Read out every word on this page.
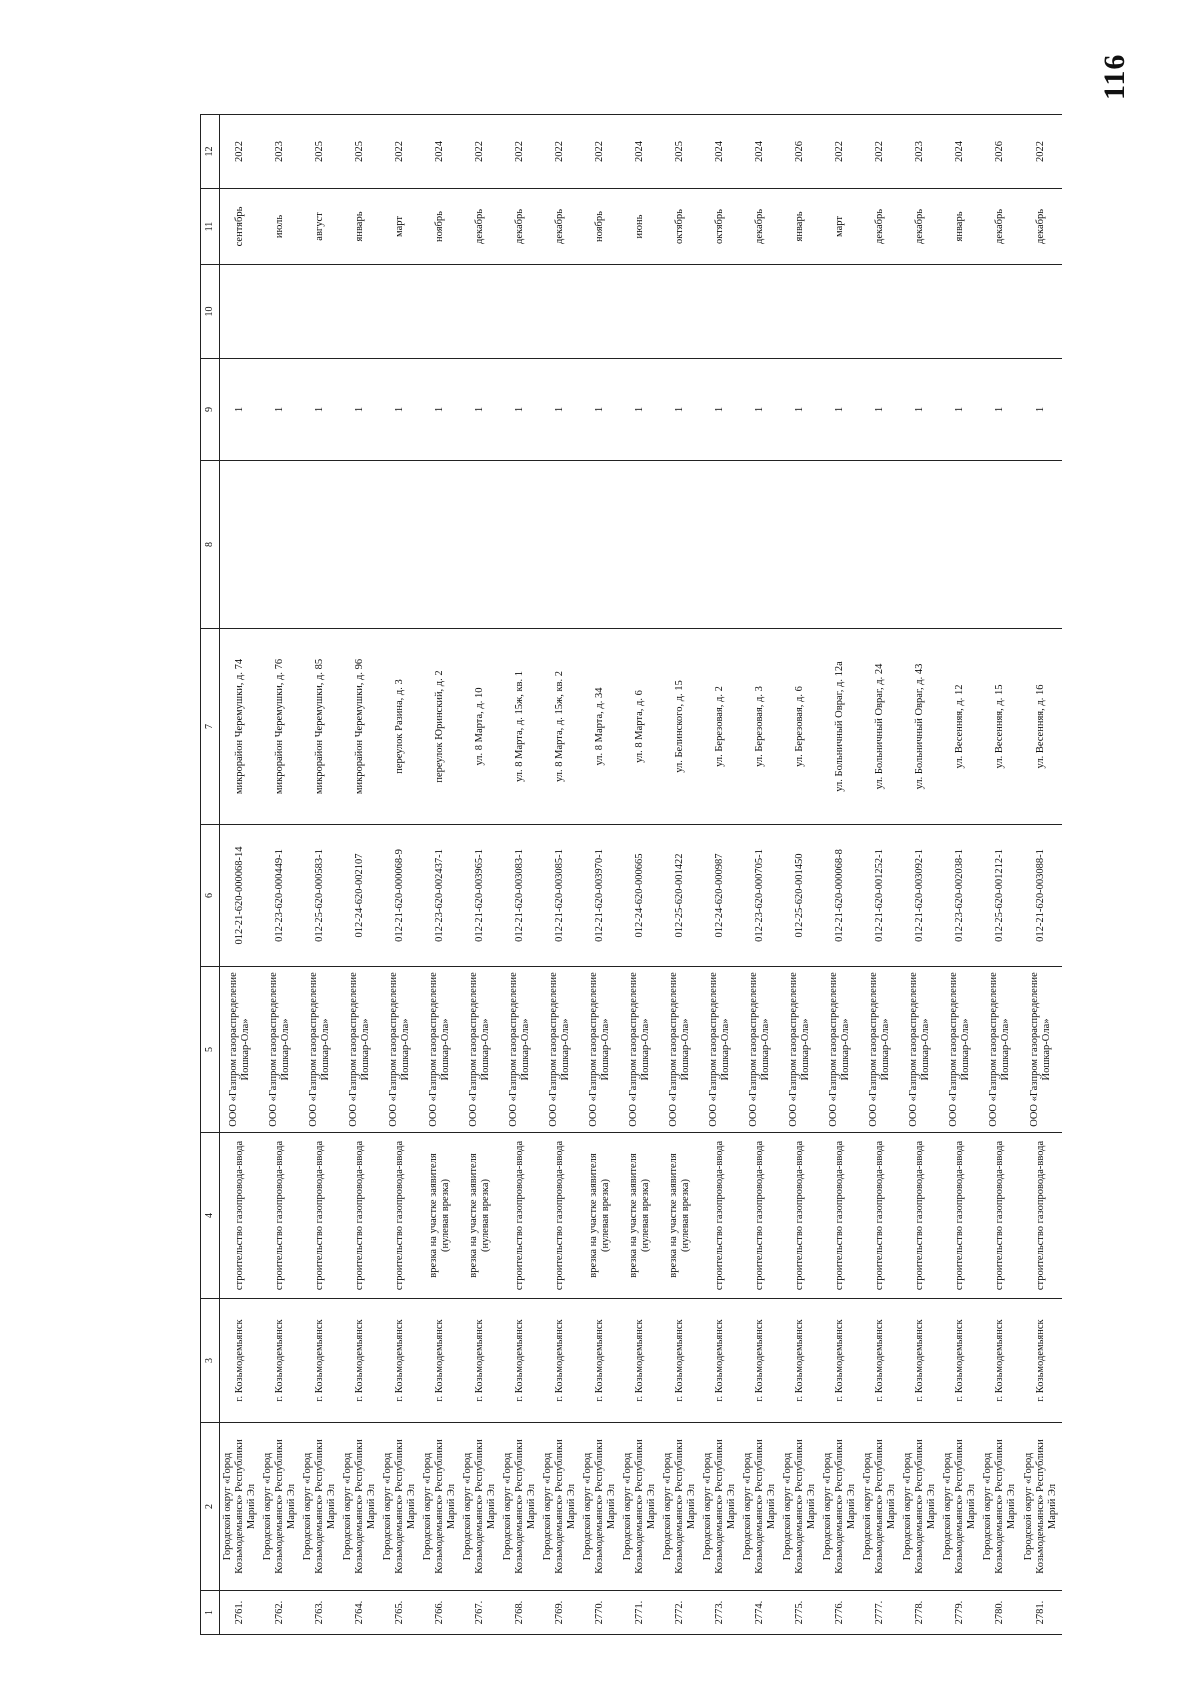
116
1	2	3	4	5	6	7	8	9	10	11	12
2761.	Городской округ «Город Козьмодемьянск» Республики Марий Эл	г. Козьмодемьянск	строительство газопровода-ввода	ООО «Газпром газораспределение Йошкар-Ола»	012-21-620-000068-14	микрорайон Черемушки, д. 74		1		сентябрь	2022
2762.	Городской округ «Город Козьмодемьянск» Республики Марий Эл	г. Козьмодемьянск	строительство газопровода-ввода	ООО «Газпром газораспределение Йошкар-Ола»	012-23-620-000449-1	микрорайон Черемушки, д. 76		1		июль	2023
2763.	Городской округ «Город Козьмодемьянск» Республики Марий Эл	г. Козьмодемьянск	строительство газопровода-ввода	ООО «Газпром газораспределение Йошкар-Ола»	012-25-620-000583-1	микрорайон Черемушки, д. 85		1		август	2025
2764.	Городской округ «Город Козьмодемьянск» Республики Марий Эл	г. Козьмодемьянск	строительство газопровода-ввода	ООО «Газпром газораспределение Йошкар-Ола»	012-24-620-002107	микрорайон Черемушки, д. 96		1		январь	2025
2765.	Городской округ «Город Козьмодемьянск» Республики Марий Эл	г. Козьмодемьянск	строительство газопровода-ввода	ООО «Газпром газораспределение Йошкар-Ола»	012-21-620-000068-9	переулок Разина, д. 3		1		март	2022
2766.	Городской округ «Город Козьмодемьянск» Республики Марий Эл	г. Козьмодемьянск	врезка на участке заявителя (нулевая врезка)	ООО «Газпром газораспределение Йошкар-Ола»	012-23-620-002437-1	переулок Юринский, д. 2		1		ноябрь	2024
2767.	Городской округ «Город Козьмодемьянск» Республики Марий Эл	г. Козьмодемьянск	врезка на участке заявителя (нулевая врезка)	ООО «Газпром газораспределение Йошкар-Ола»	012-21-620-003965-1	ул. 8 Марта, д. 10		1		декабрь	2022
2768.	Городской округ «Город Козьмодемьянск» Республики Марий Эл	г. Козьмодемьянск	строительство газопровода-ввода	ООО «Газпром газораспределение Йошкар-Ола»	012-21-620-003083-1	ул. 8 Марта, д. 15ж, кв. 1		1		декабрь	2022
2769.	Городской округ «Город Козьмодемьянск» Республики Марий Эл	г. Козьмодемьянск	строительство газопровода-ввода	ООО «Газпром газораспределение Йошкар-Ола»	012-21-620-003085-1	ул. 8 Марта, д. 15ж, кв. 2		1		декабрь	2022
2770.	Городской округ «Город Козьмодемьянск» Республики Марий Эл	г. Козьмодемьянск	врезка на участке заявителя (нулевая врезка)	ООО «Газпром газораспределение Йошкар-Ола»	012-21-620-003970-1	ул. 8 Марта, д. 34		1		ноябрь	2022
2771.	Городской округ «Город Козьмодемьянск» Республики Марий Эл	г. Козьмодемьянск	врезка на участке заявителя (нулевая врезка)	ООО «Газпром газораспределение Йошкар-Ола»	012-24-620-000665	ул. 8 Марта, д. 6		1		июнь	2024
2772.	Городской округ «Город Козьмодемьянск» Республики Марий Эл	г. Козьмодемьянск	врезка на участке заявителя (нулевая врезка)	ООО «Газпром газораспределение Йошкар-Ола»	012-25-620-001422	ул. Белинского, д. 15		1		октябрь	2025
2773.	Городской округ «Город Козьмодемьянск» Республики Марий Эл	г. Козьмодемьянск	строительство газопровода-ввода	ООО «Газпром газораспределение Йошкар-Ола»	012-24-620-000987	ул. Березовая, д. 2		1		октябрь	2024
2774.	Городской округ «Город Козьмодемьянск» Республики Марий Эл	г. Козьмодемьянск	строительство газопровода-ввода	ООО «Газпром газораспределение Йошкар-Ола»	012-23-620-000705-1	ул. Березовая, д. 3		1		декабрь	2024
2775.	Городской округ «Город Козьмодемьянск» Республики Марий Эл	г. Козьмодемьянск	строительство газопровода-ввода	ООО «Газпром газораспределение Йошкар-Ола»	012-25-620-001450	ул. Березовая, д. 6		1		январь	2026
2776.	Городской округ «Город Козьмодемьянск» Республики Марий Эл	г. Козьмодемьянск	строительство газопровода-ввода	ООО «Газпром газораспределение Йошкар-Ола»	012-21-620-000068-8	ул. Больничный Овраг, д. 12а		1		март	2022
2777.	Городской округ «Город Козьмодемьянск» Республики Марий Эл	г. Козьмодемьянск	строительство газопровода-ввода	ООО «Газпром газораспределение Йошкар-Ола»	012-21-620-001252-1	ул. Больничный Овраг, д. 24		1		декабрь	2022
2778.	Городской округ «Город Козьмодемьянск» Республики Марий Эл	г. Козьмодемьянск	строительство газопровода-ввода	ООО «Газпром газораспределение Йошкар-Ола»	012-21-620-003092-1	ул. Больничный Овраг, д. 43		1		декабрь	2023
2779.	Городской округ «Город Козьмодемьянск» Республики Марий Эл	г. Козьмодемьянск	строительство газопровода-ввода	ООО «Газпром газораспределение Йошкар-Ола»	012-23-620-002038-1	ул. Весенняя, д. 12		1		январь	2024
2780.	Городской округ «Город Козьмодемьянск» Республики Марий Эл	г. Козьмодемьянск	строительство газопровода-ввода	ООО «Газпром газораспределение Йошкар-Ола»	012-25-620-001212-1	ул. Весенняя, д. 15		1		декабрь	2026
2781.	Городской округ «Город Козьмодемьянск» Республики Марий Эл	г. Козьмодемьянск	строительство газопровода-ввода	ООО «Газпром газораспределение Йошкар-Ола»	012-21-620-003088-1	ул. Весенняя, д. 16		1		декабрь	2022
